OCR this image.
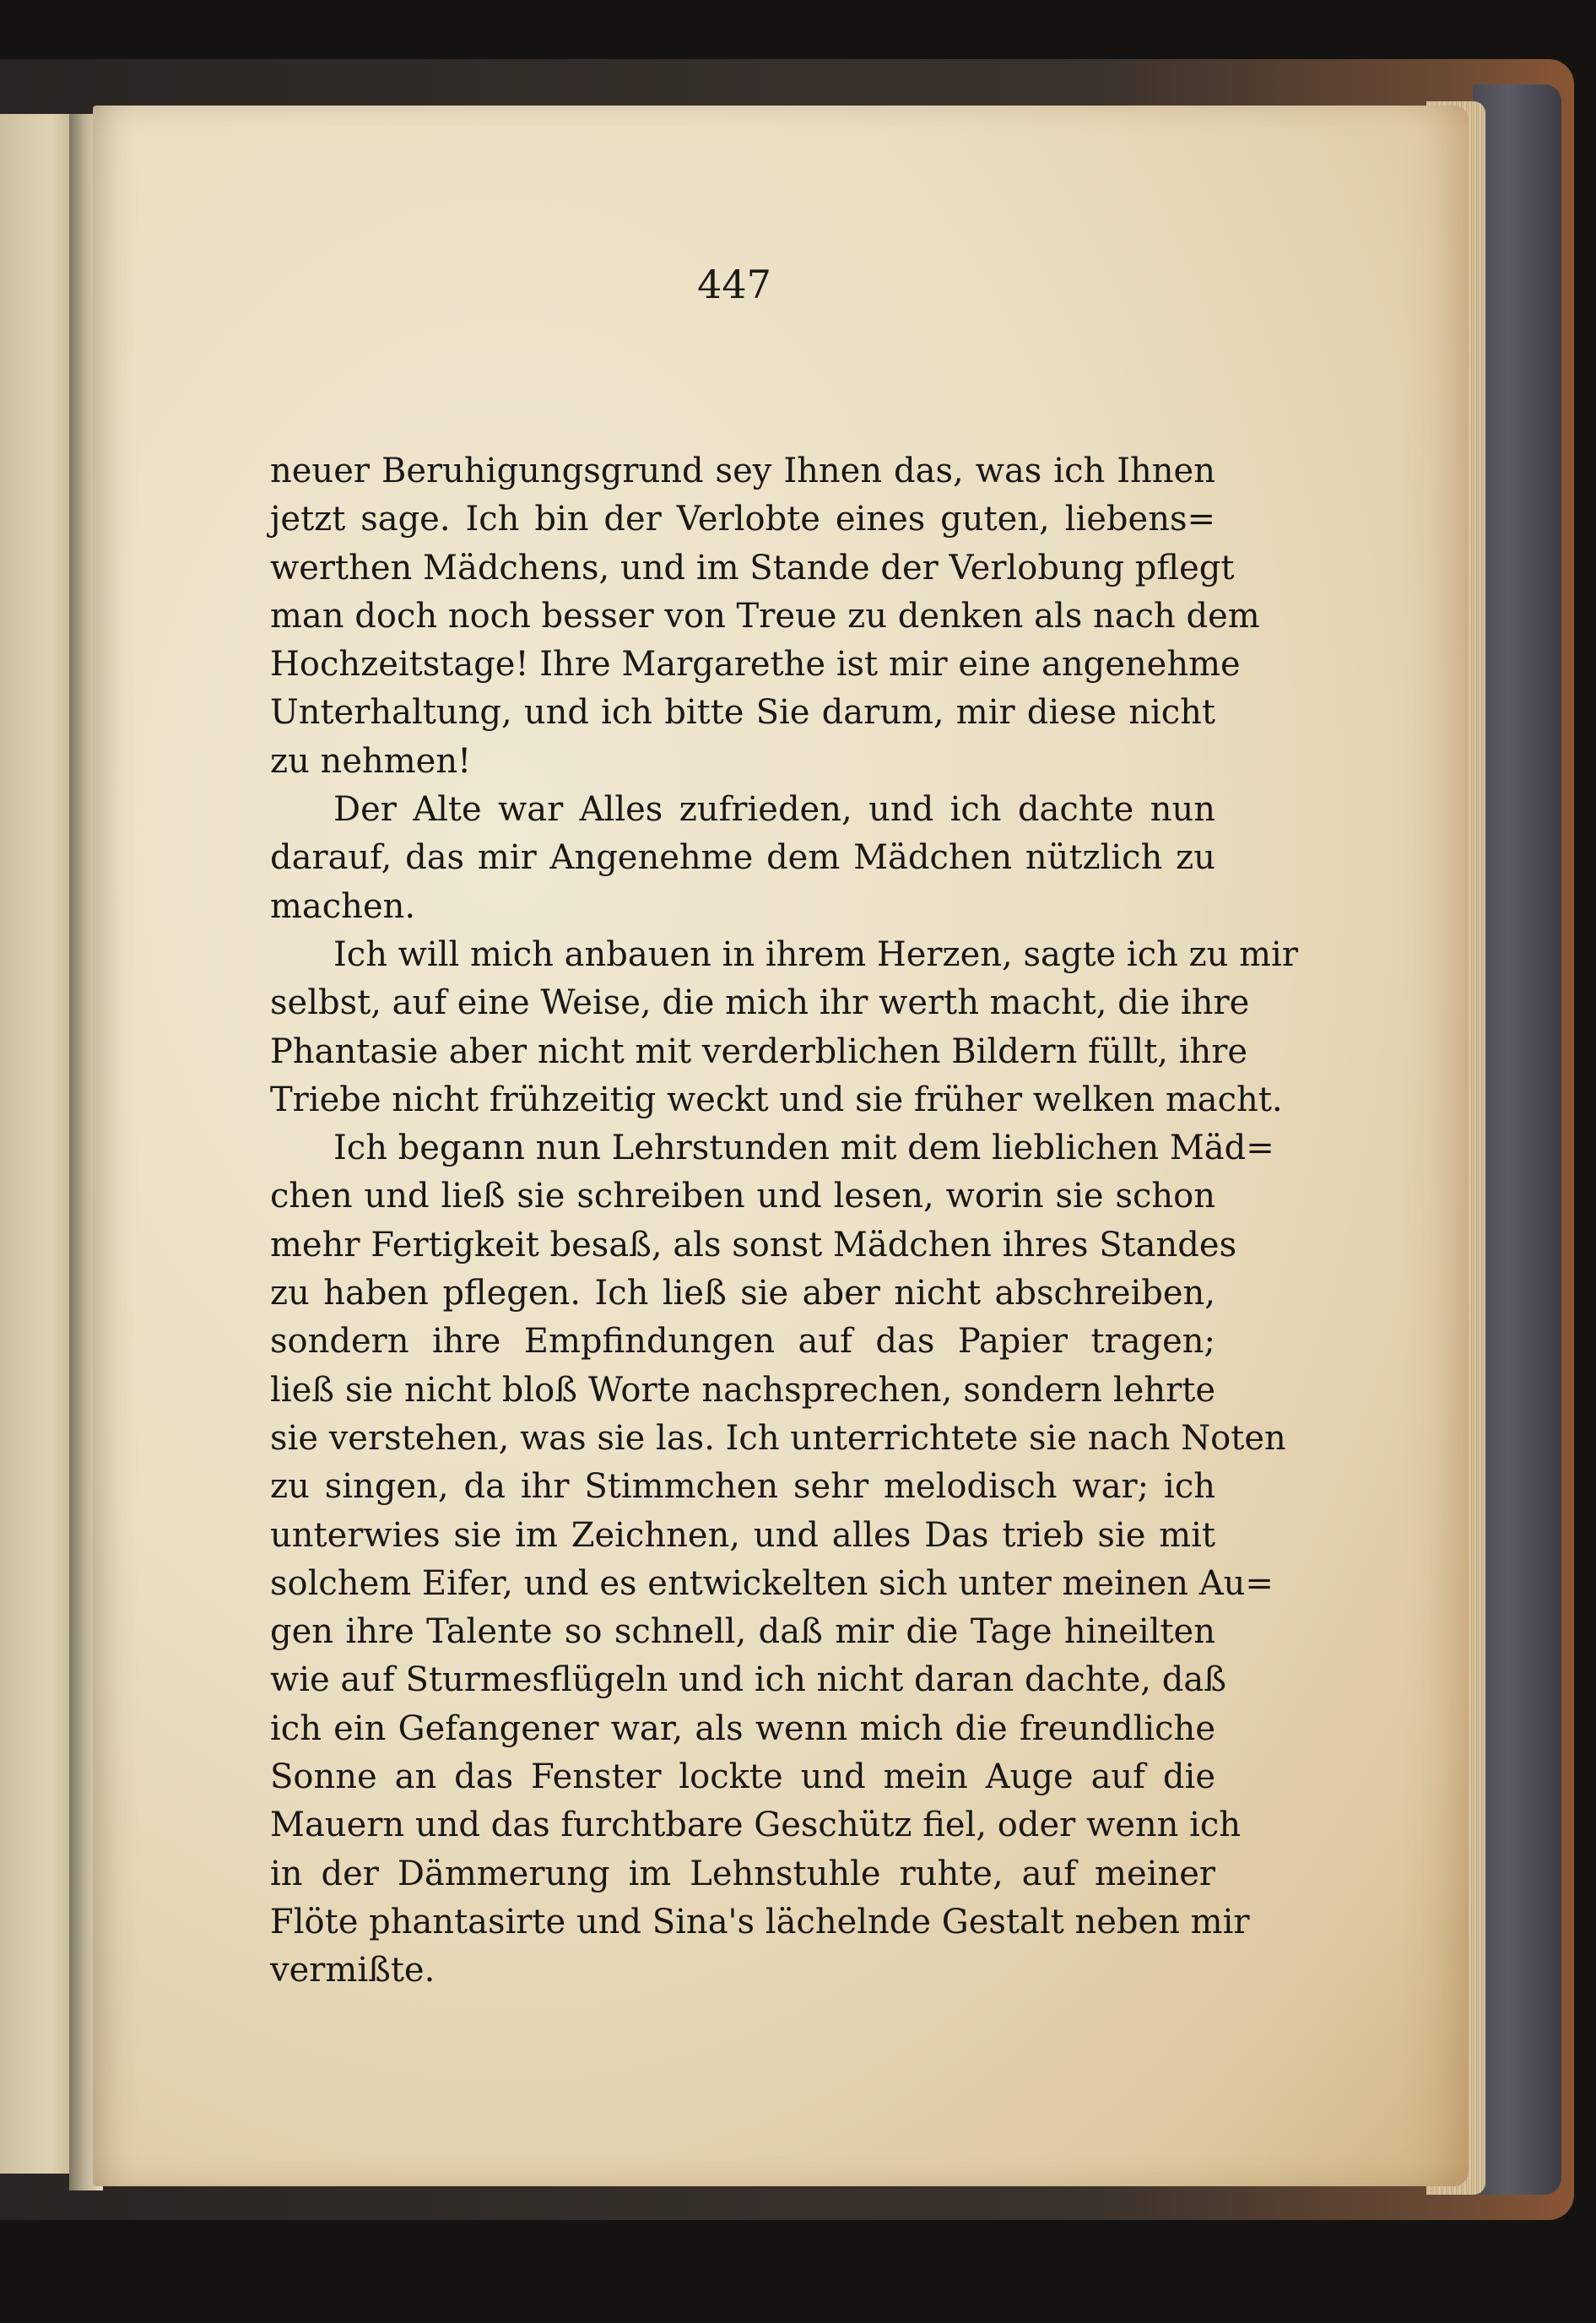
447
neuer Beruhigungsgrund sey Ihnen das, was ich Ihnen
jetzt sage. Ich bin der Verlobte eines guten, liebens=
werthen Mädchens, und im Stande der Verlobung pflegt
man doch noch besser von Treue zu denken als nach dem
Hochzeitstage! Ihre Margarethe ist mir eine angenehme
Unterhaltung, und ich bitte Sie darum, mir diese nicht
zu nehmen!
Der Alte war Alles zufrieden, und ich dachte nun
darauf, das mir Angenehme dem Mädchen nützlich zu
machen.
Ich will mich anbauen in ihrem Herzen, sagte ich zu mir
selbst, auf eine Weise, die mich ihr werth macht, die ihre
Phantasie aber nicht mit verderblichen Bildern füllt, ihre
Triebe nicht frühzeitig weckt und sie früher welken macht.
Ich begann nun Lehrstunden mit dem lieblichen Mäd=
chen und ließ sie schreiben und lesen, worin sie schon
mehr Fertigkeit besaß, als sonst Mädchen ihres Standes
zu haben pflegen. Ich ließ sie aber nicht abschreiben,
sondern ihre Empfindungen auf das Papier tragen;
ließ sie nicht bloß Worte nachsprechen, sondern lehrte
sie verstehen, was sie las. Ich unterrichtete sie nach Noten
zu singen, da ihr Stimmchen sehr melodisch war; ich
unterwies sie im Zeichnen, und alles Das trieb sie mit
solchem Eifer, und es entwickelten sich unter meinen Au=
gen ihre Talente so schnell, daß mir die Tage hineilten
wie auf Sturmesflügeln und ich nicht daran dachte, daß
ich ein Gefangener war, als wenn mich die freundliche
Sonne an das Fenster lockte und mein Auge auf die
Mauern und das furchtbare Geschütz fiel, oder wenn ich
in der Dämmerung im Lehnstuhle ruhte, auf meiner
Flöte phantasirte und Sina's lächelnde Gestalt neben mir
vermißte.
